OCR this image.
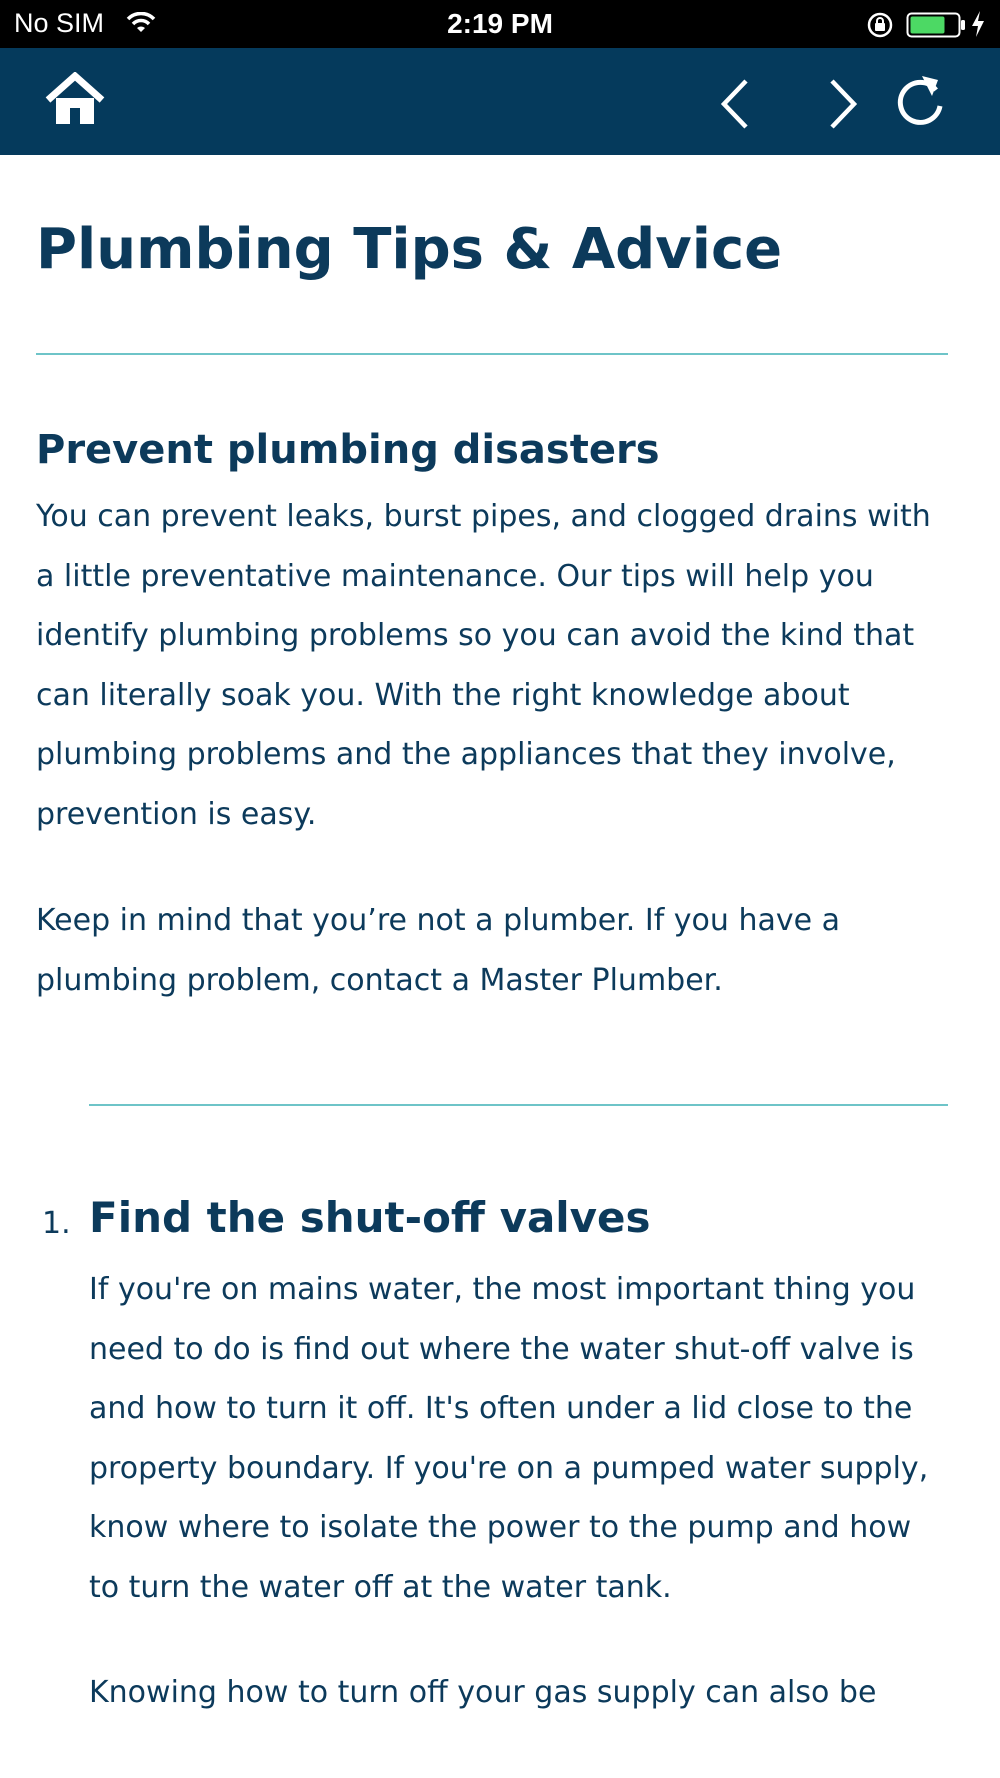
No SIM	2:19 PM
Plumbing Tips & Advice
Prevent plumbing disasters

You can prevent leaks, burst pipes, and clogged drains with a little preventative maintenance. Our tips will help you identify plumbing problems so you can avoid the kind that can literally soak you. With the right knowledge about plumbing problems and the appliances that they involve, prevention is easy.

Keep in mind that you’re not a plumber. If you have a plumbing problem, contact a Master Plumber.

1. Find the shut-off valves

If you're on mains water, the most important thing you need to do is find out where the water shut-off valve is and how to turn it off. It's often under a lid close to the property boundary. If you're on a pumped water supply, know where to isolate the power to the pump and how to turn the water off at the water tank.

Knowing how to turn off your gas supply can also be
